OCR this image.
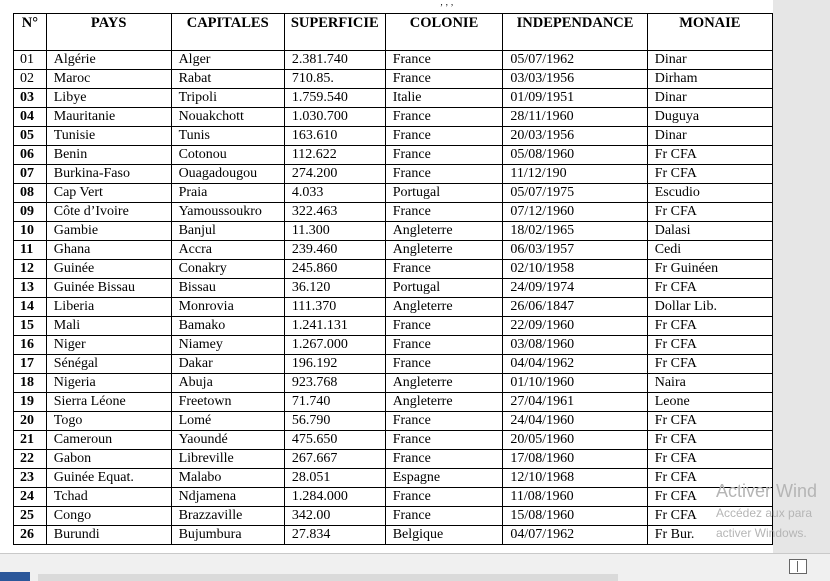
‚ ‚ ‚
N°	PAYS	CAPITALES	SUPERFICIE	COLONIE	INDEPENDANCE	MONAIE
01	Algérie	Alger	2.381.740	France	05/07/1962	Dinar
02	Maroc	Rabat	710.85.	France	03/03/1956	Dirham
03	Libye	Tripoli	1.759.540	Italie	01/09/1951	Dinar
04	Mauritanie	Nouakchott	1.030.700	France	28/11/1960	Duguya
05	Tunisie	Tunis	163.610	France	20/03/1956	Dinar
06	Benin	Cotonou	112.622	France	05/08/1960	Fr CFA
07	Burkina-Faso	Ouagadougou	274.200	France	11/12/190	Fr CFA
08	Cap Vert	Praia	4.033	Portugal	05/07/1975	Escudio
09	Côte d’Ivoire	Yamoussoukro	322.463	France	07/12/1960	Fr CFA
10	Gambie	Banjul	11.300	Angleterre	18/02/1965	Dalasi
11	Ghana	Accra	239.460	Angleterre	06/03/1957	Cedi
12	Guinée	Conakry	245.860	France	02/10/1958	Fr Guinéen
13	Guinée Bissau	Bissau	36.120	Portugal	24/09/1974	Fr CFA
14	Liberia	Monrovia	111.370	Angleterre	26/06/1847	Dollar Lib.
15	Mali	Bamako	1.241.131	France	22/09/1960	Fr CFA
16	Niger	Niamey	1.267.000	France	03/08/1960	Fr CFA
17	Sénégal	Dakar	196.192	France	04/04/1962	Fr CFA
18	Nigeria	Abuja	923.768	Angleterre	01/10/1960	Naira
19	Sierra Léone	Freetown	71.740	Angleterre	27/04/1961	Leone
20	Togo	Lomé	56.790	France	24/04/1960	Fr CFA
21	Cameroun	Yaoundé	475.650	France	20/05/1960	Fr CFA
22	Gabon	Libreville	267.667	France	17/08/1960	Fr CFA
23	Guinée Equat.	Malabo	28.051	Espagne	12/10/1968	Fr CFA
24	Tchad	Ndjamena	1.284.000	France	11/08/1960	Fr CFA
25	Congo	Brazzaville	342.00	France	15/08/1960	Fr CFA
26	Burundi	Bujumbura	27.834	Belgique	04/07/1962	Fr Bur.
Activer Wind
Accédez aux para
activer Windows.
